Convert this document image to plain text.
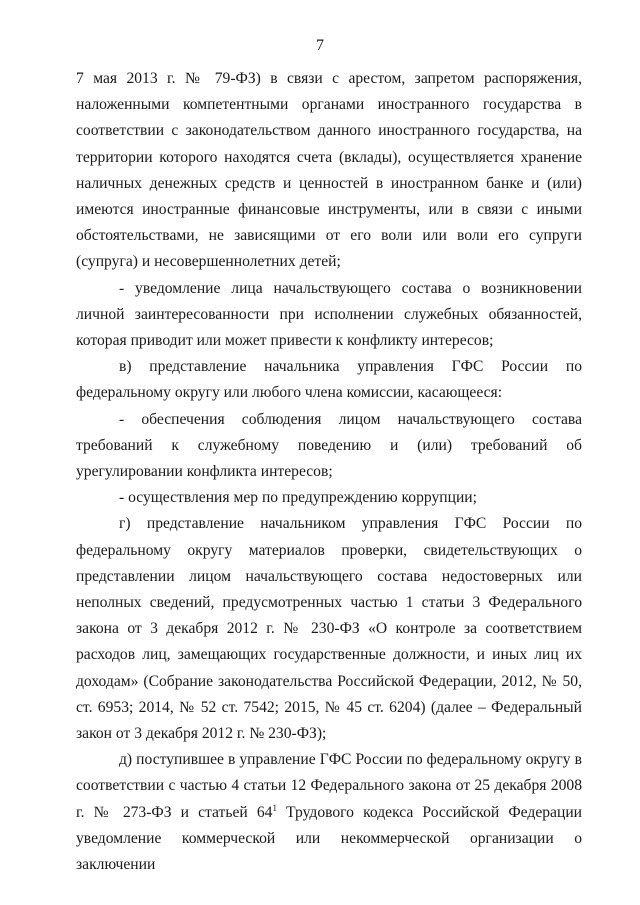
7

7 мая 2013 г. № 79-ФЗ) в связи с арестом, запретом распоряжения, наложенными компетентными органами иностранного государства в соответствии с законодательством данного иностранного государства, на территории которого находятся счета (вклады), осуществляется хранение наличных денежных средств и ценностей в иностранном банке и (или) имеются иностранные финансовые инструменты, или в связи с иными обстоятельствами, не зависящими от его воли или воли его супруги (супруга) и несовершеннолетних детей;

- уведомление лица начальствующего состава о возникновении личной заинтересованности при исполнении служебных обязанностей, которая приводит или может привести к конфликту интересов;

в) представление начальника управления ГФС России по федеральному округу или любого члена комиссии, касающееся:

- обеспечения соблюдения лицом начальствующего состава требований к служебному поведению и (или) требований об урегулировании конфликта интересов;

- осуществления мер по предупреждению коррупции;

г) представление начальником управления ГФС России по федеральному округу материалов проверки, свидетельствующих о представлении лицом начальствующего состава недостоверных или неполных сведений, предусмотренных частью 1 статьи 3 Федерального закона от 3 декабря 2012 г. № 230-ФЗ «О контроле за соответствием расходов лиц, замещающих государственные должности, и иных лиц их доходам» (Собрание законодательства Российской Федерации, 2012, № 50, ст. 6953; 2014, № 52 ст. 7542; 2015, № 45 ст. 6204) (далее – Федеральный закон от 3 декабря 2012 г. № 230-ФЗ);

д) поступившее в управление ГФС России по федеральному округу в соответствии с частью 4 статьи 12 Федерального закона от 25 декабря 2008 г. № 273-ФЗ и статьей $64^1$ Трудового кодекса Российской Федерации уведомление коммерческой или некоммерческой организации о заключении
